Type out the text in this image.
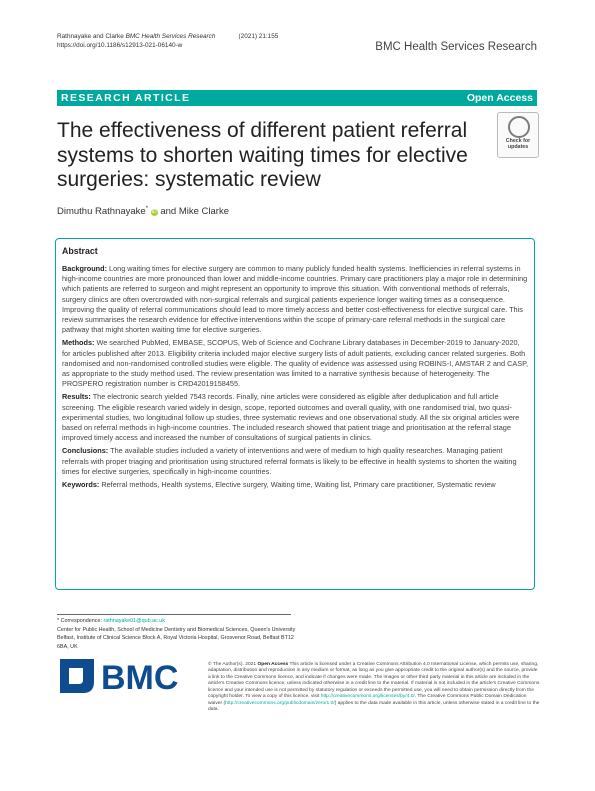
Rathnayake and Clarke BMC Health Services Research	(2021) 21:155
https://doi.org/10.1186/s12913-021-06140-w	BMC Health Services Research
RESEARCH ARTICLE	Open Access
The effectiveness of different patient referral systems to shorten waiting times for elective surgeries: systematic review
Check for
updates
Dimuthu Rathnayake* iD and Mike Clarke
Abstract

Background: Long waiting times for elective surgery are common to many publicly funded health systems. Inefficiencies in referral systems in high-income countries are more pronounced than lower and middle-income countries. Primary care practitioners play a major role in determining which patients are referred to surgeon and might represent an opportunity to improve this situation. With conventional methods of referrals, surgery clinics are often overcrowded with non-surgical referrals and surgical patients experience longer waiting times as a consequence. Improving the quality of referral communications should lead to more timely access and better cost-effectiveness for elective surgical care. This review summarises the research evidence for effective interventions within the scope of primary-care referral methods in the surgical care pathway that might shorten waiting time for elective surgeries.

Methods: We searched PubMed, EMBASE, SCOPUS, Web of Science and Cochrane Library databases in December-2019 to January-2020, for articles published after 2013. Eligibility criteria included major elective surgery lists of adult patients, excluding cancer related surgeries. Both randomised and non-randomised controlled studies were eligible. The quality of evidence was assessed using ROBINS-I, AMSTAR 2 and CASP, as appropriate to the study method used. The review presentation was limited to a narrative synthesis because of heterogeneity. The PROSPERO registration number is CRD42019158455.

Results: The electronic search yielded 7543 records. Finally, nine articles were considered as eligible after deduplication and full article screening. The eligible research varied widely in design, scope, reported outcomes and overall quality, with one randomised trial, two quasi-experimental studies, two longitudinal follow up studies, three systematic reviews and one observational study. All the six original articles were based on referral methods in high-income countries. The included research showed that patient triage and prioritisation at the referral stage improved timely access and increased the number of consultations of surgical patients in clinics.

Conclusions: The available studies included a variety of interventions and were of medium to high quality researches. Managing patient referrals with proper triaging and prioritisation using structured referral formats is likely to be effective in health systems to shorten the waiting times for elective surgeries, specifically in high-income countries.

Keywords: Referral methods, Health systems, Elective surgery, Waiting time, Waiting list, Primary care practitioner, Systematic review

* Correspondence: rathnayake01@qub.ac.uk
Center for Public Health, School of Medicine Dentistry and Biomedical Sciences, Queen's University Belfast, Institute of Clinical Science Block A, Royal Victoria Hospital, Grosvenor Road, Belfast BT12 6BA, UK
BMC	© The Author(s). 2021 Open Access This article is licensed under a Creative Commons Attribution 4.0 International License, which permits use, sharing, adaptation, distribution and reproduction in any medium or format, as long as you give appropriate credit to the original author(s) and the source, provide a link to the Creative Commons licence, and indicate if changes were made. The images or other third party material in this article are included in the article's Creative Commons licence, unless indicated otherwise in a credit line to the material. If material is not included in the article's Creative Commons licence and your intended use is not permitted by statutory regulation or exceeds the permitted use, you will need to obtain permission directly from the copyright holder. To view a copy of this licence, visit http://creativecommons.org/licenses/by/4.0/. The Creative Commons Public Domain Dedication waiver (http://creativecommons.org/publicdomain/zero/1.0/) applies to the data made available in this article, unless otherwise stated in a credit line to the data.
